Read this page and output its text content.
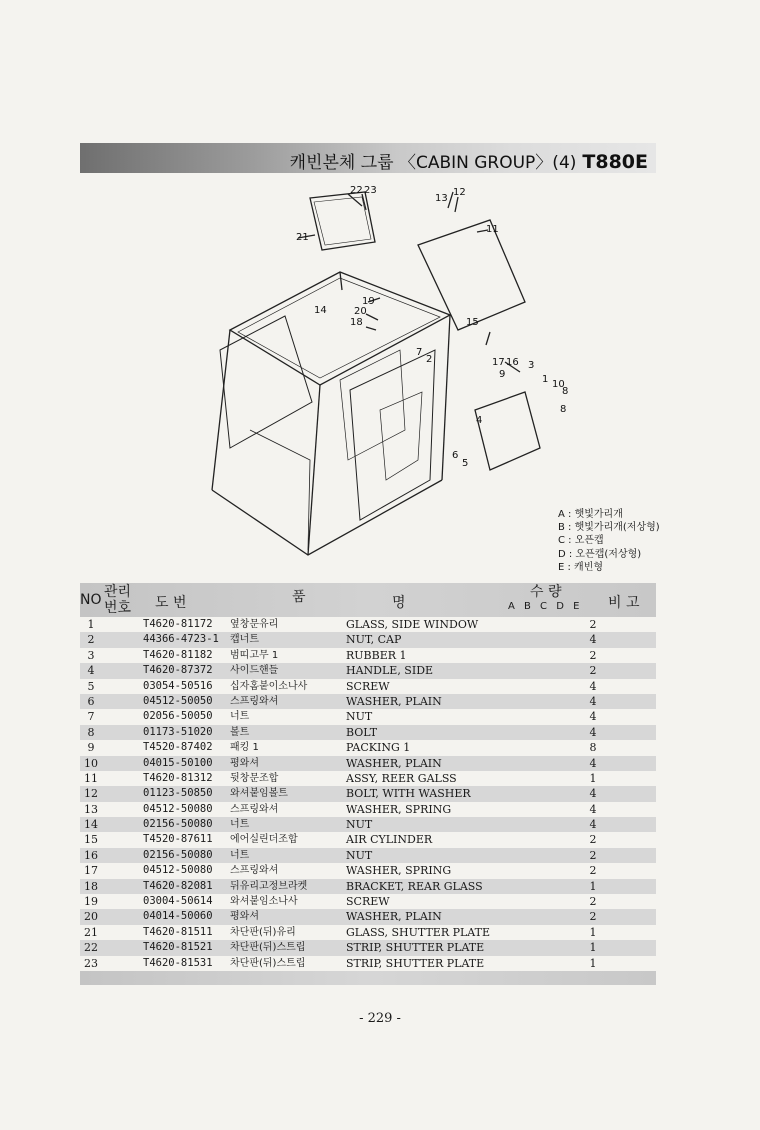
캐빈본체 그룹 〈CABIN GROUP〉(4) T880E
22 23
21
13
12
11
19
20
18
14
15
7
2	17 16 3
9	1 10
8
8
4
6
5
A : 햇빛가리개
B : 햇빛가리개(저상형)
C : 오픈캡
D : 오픈캡(저상형)
E : 캐빈형
NO 관리
번호 도 번	품	명
수 량
A B C D E 비 고
1	T4620-81172 옆창문유리	GLASS, SIDE WINDOW	2
2	44366-4723-1 캡너트	NUT, CAP	4
3	T4620-81182 범띠고무 1	RUBBER 1	2
4	T4620-87372 사이드핸들	HANDLE, SIDE	2
5	03054-50516 십자홈붙이소나사	SCREW	4
6	04512-50050 스프링와셔	WASHER, PLAIN	4
7	02056-50050 너트	NUT	4
8	01173-51020 볼트	BOLT	4
9	T4520-87402 패킹 1	PACKING 1	8
10	04015-50100 평와셔	WASHER, PLAIN	4
11	T4620-81312 뒷창문조합	ASSY, REER GALSS	1
12	01123-50850 와셔붙임볼트	BOLT, WITH WASHER	4
13	04512-50080 스프링와셔	WASHER, SPRING	4
14	02156-50080 너트	NUT	4
15	T4520-87611 에어실린더조합	AIR CYLINDER	2
16	02156-50080 너트	NUT	2
17	04512-50080 스프링와셔	WASHER, SPRING	2
18	T4620-82081 뒤유리고정브라켓	BRACKET, REAR GLASS	1
19	03004-50614 와셔붙임소나사	SCREW	2
20	04014-50060 평와셔	WASHER, PLAIN	2
21	T4620-81511 차단판(뒤)유리	GLASS, SHUTTER PLATE	1
22	T4620-81521 차단판(뒤)스트립	STRIP, SHUTTER PLATE	1
23	T4620-81531 차단판(뒤)스트립	STRIP, SHUTTER PLATE	1
- 229 -
